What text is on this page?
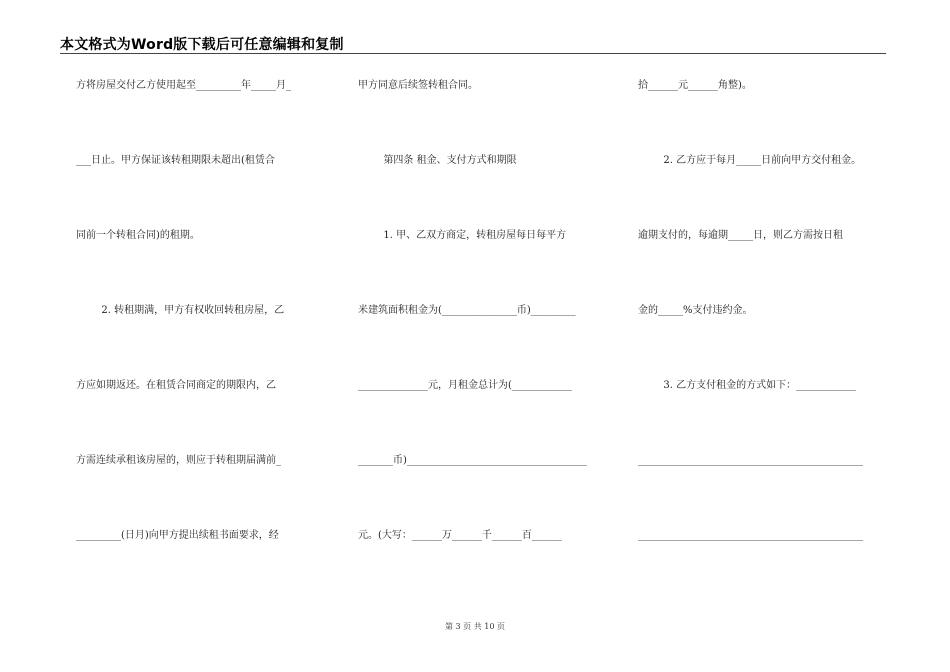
本文格式为Word版下载后可任意编辑和复制
方将房屋交付乙方使用起至_________年_____月_
___日止。甲方保证该转租期限未超出(租赁合
同前一个转租合同)的租期。
2. 转租期满，甲方有权收回转租房屋，乙
方应如期返还。在租赁合同商定的期限内，乙
方需连续承租该房屋的，则应于转租期届满前_
_________(日月)向甲方提出续租书面要求，经
甲方同意后续签转租合同。
第四条 租金、支付方式和期限
1. 甲、乙双方商定，转租房屋每日每平方
米建筑面积租金为(_______________币)_________
______________元，月租金总计为(____________
_______币)____________________________________
元。(大写：______万______千______百______
拾______元______角整)。
2. 乙方应于每月_____日前向甲方交付租金。
逾期支付的，每逾期_____日，则乙方需按日租
金的_____%支付违约金。
3. 乙方支付租金的方式如下：____________
_____________________________________________
_____________________________________________
第 3 页 共 10 页
